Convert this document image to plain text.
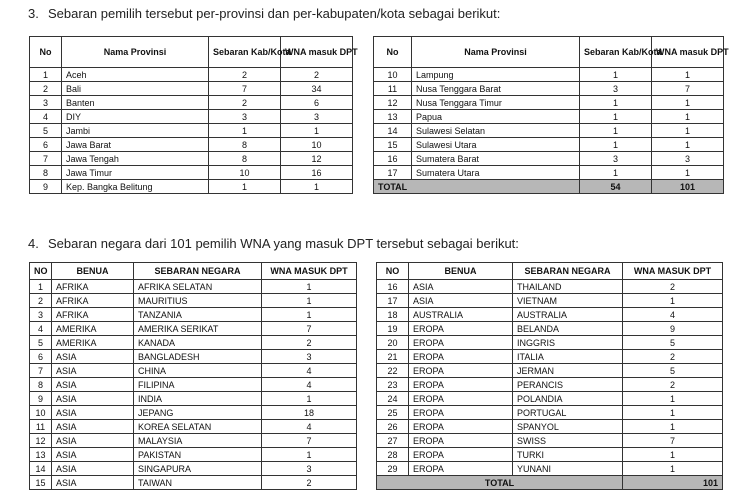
3. Sebaran pemilih tersebut per-provinsi dan per-kabupaten/kota sebagai berikut:
No	Nama Provinsi	Sebaran Kab/Kota	WNA masuk DPT
1	Aceh	2	2
2	Bali	7	34
3	Banten	2	6
4	DIY	3	3
5	Jambi	1	1
6	Jawa Barat	8	10
7	Jawa Tengah	8	12
8	Jawa Timur	10	16
9	Kep. Bangka Belitung	1	1
No	Nama Provinsi	Sebaran Kab/Kota	WNA masuk DPT
10	Lampung	1	1
11	Nusa Tenggara Barat	3	7
12	Nusa Tenggara Timur	1	1
13	Papua	1	1
14	Sulawesi Selatan	1	1
15	Sulawesi Utara	1	1
16	Sumatera Barat	3	3
17	Sumatera Utara	1	1
TOTAL		54	101
4. Sebaran negara dari 101 pemilih WNA yang masuk DPT tersebut sebagai berikut:
NO	BENUA	SEBARAN NEGARA	WNA MASUK DPT
1	AFRIKA	AFRIKA SELATAN	1
2	AFRIKA	MAURITIUS	1
3	AFRIKA	TANZANIA	1
4	AMERIKA	AMERIKA SERIKAT	7
5	AMERIKA	KANADA	2
6	ASIA	BANGLADESH	3
7	ASIA	CHINA	4
8	ASIA	FILIPINA	4
9	ASIA	INDIA	1
10	ASIA	JEPANG	18
11	ASIA	KOREA SELATAN	4
12	ASIA	MALAYSIA	7
13	ASIA	PAKISTAN	1
14	ASIA	SINGAPURA	3
15	ASIA	TAIWAN	2
NO	BENUA	SEBARAN NEGARA	WNA MASUK DPT
16	ASIA	THAILAND	2
17	ASIA	VIETNAM	1
18	AUSTRALIA	AUSTRALIA	4
19	EROPA	BELANDA	9
20	EROPA	INGGRIS	5
21	EROPA	ITALIA	2
22	EROPA	JERMAN	5
23	EROPA	PERANCIS	2
24	EROPA	POLANDIA	1
25	EROPA	PORTUGAL	1
26	EROPA	SPANYOL	1
27	EROPA	SWISS	7
28	EROPA	TURKI	1
29	EROPA	YUNANI	1
TOTAL			101
